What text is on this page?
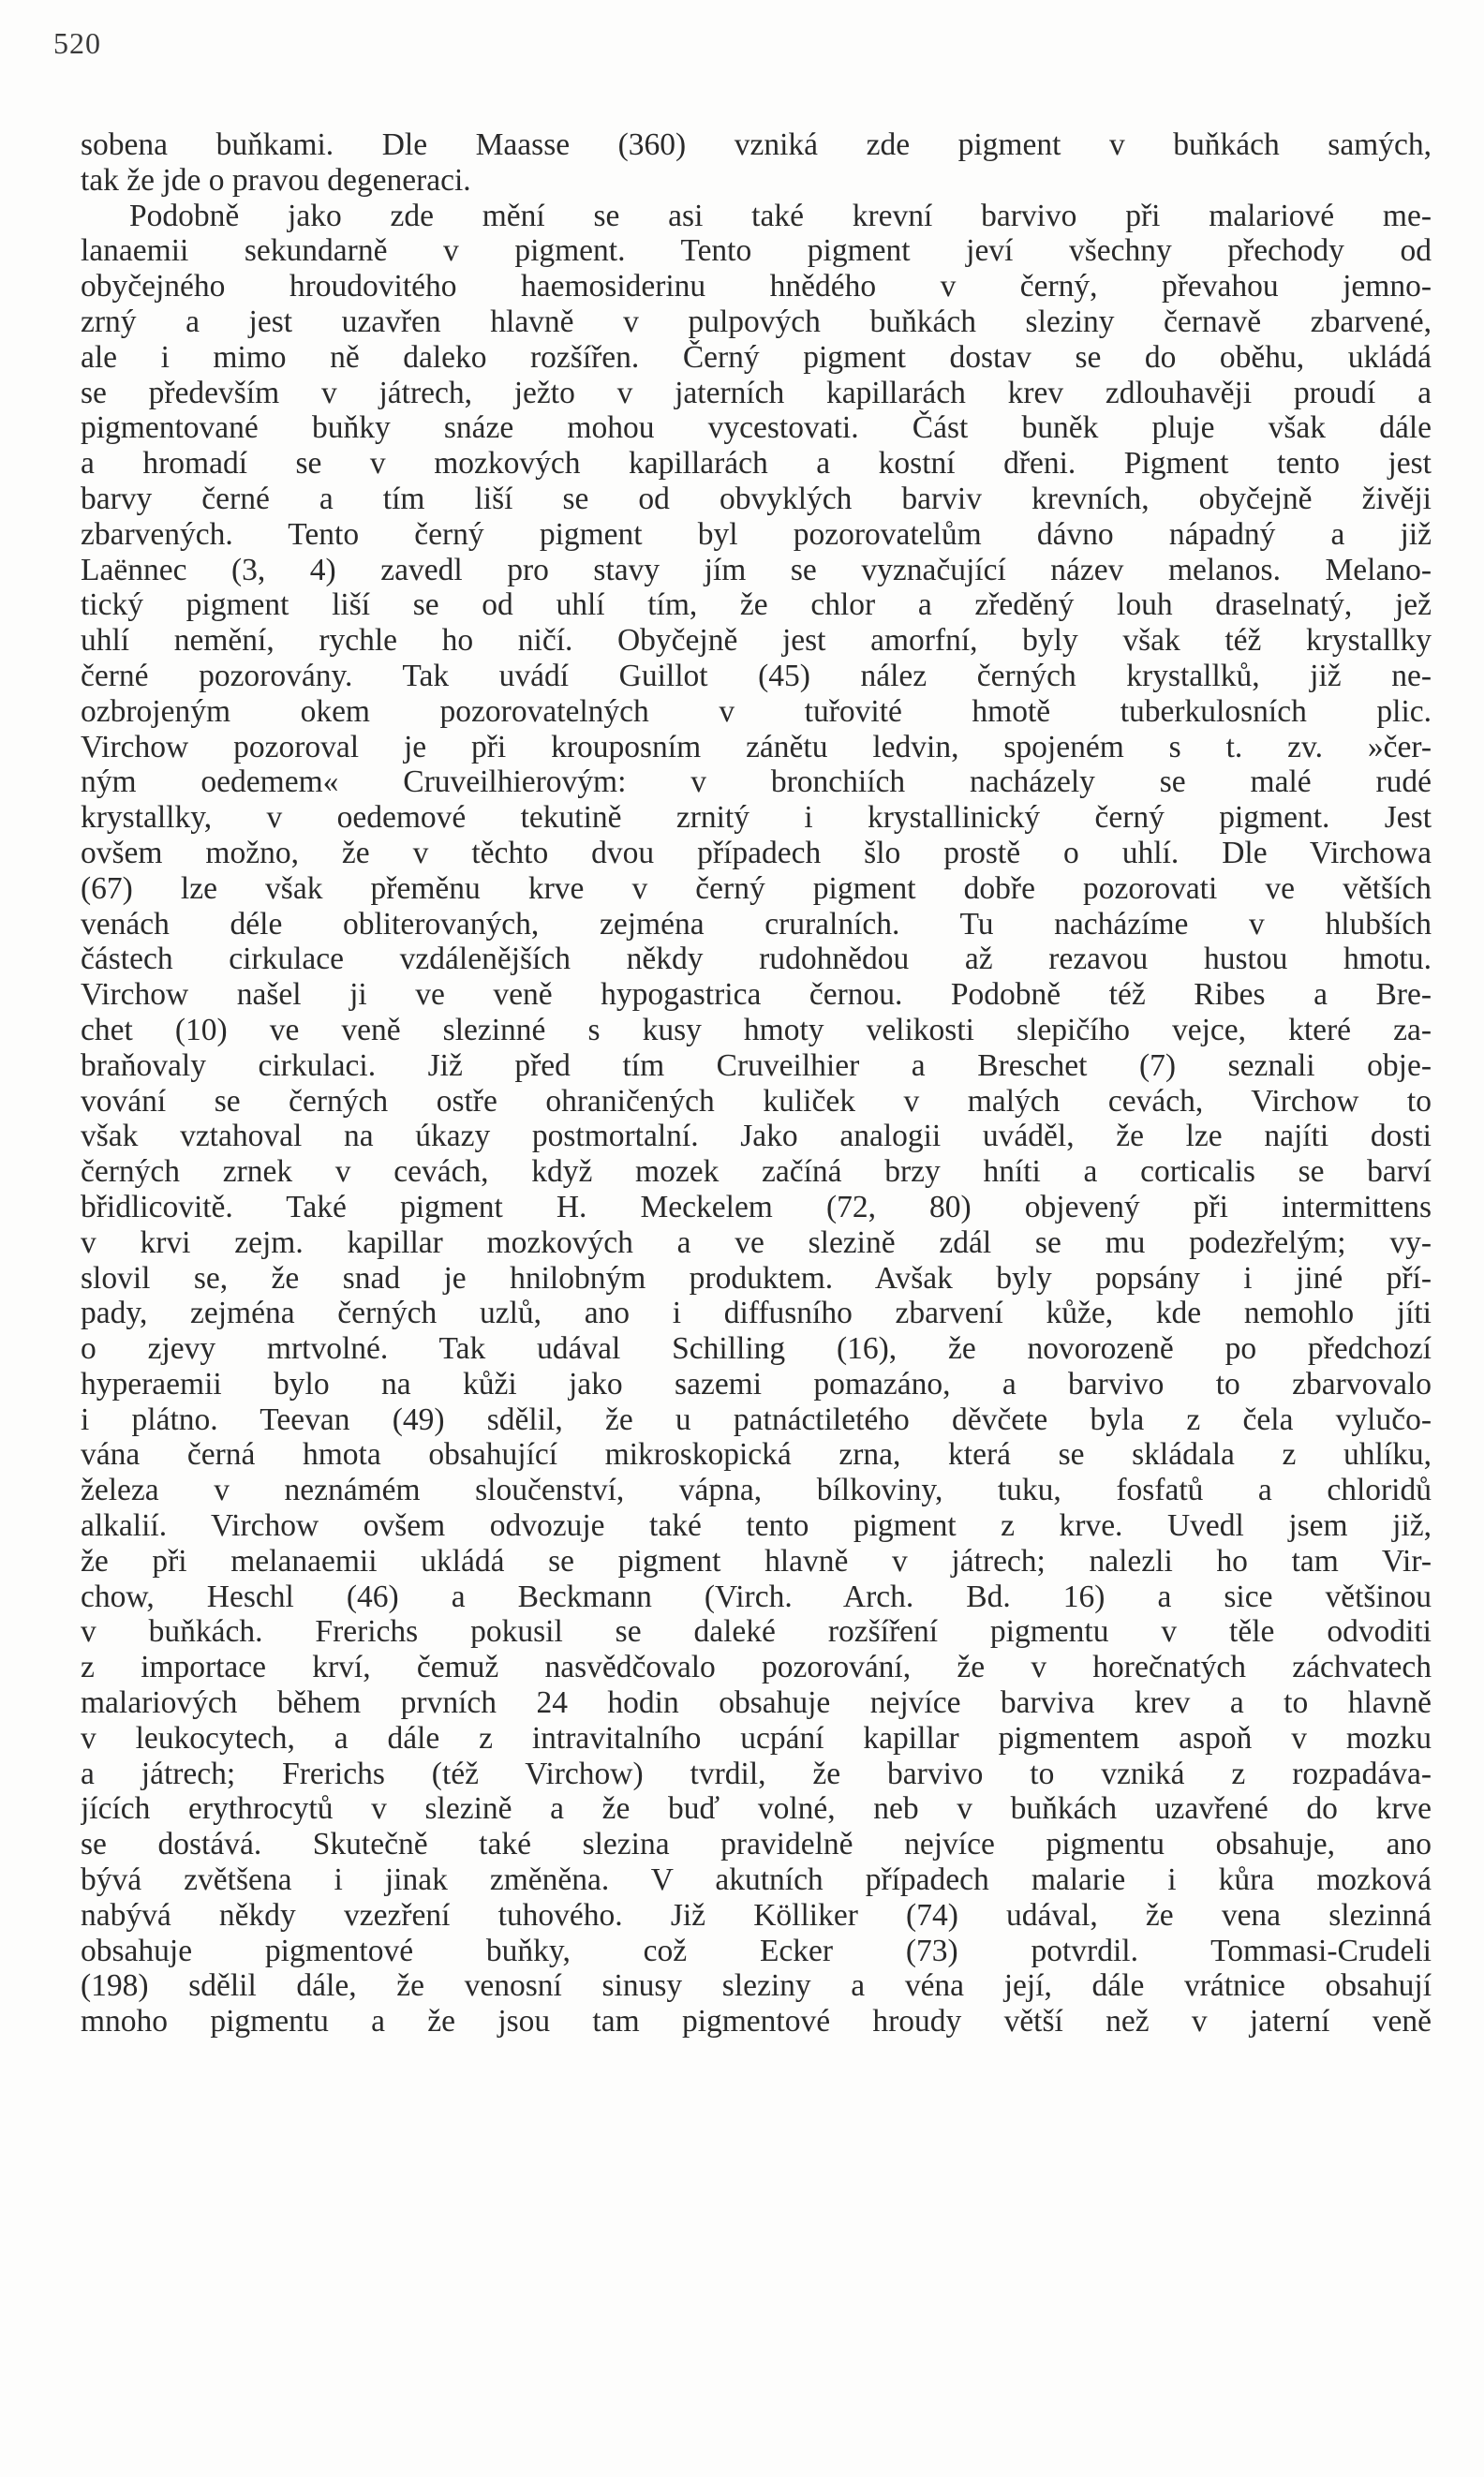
520
sobena buňkami. Dle Maasse (360) vzniká zde pigment v buňkách samých,
tak že jde o pravou degeneraci.
Podobně jako zde mění se asi také krevní barvivo při malariové me-
lanaemii sekundarně v pigment. Tento pigment jeví všechny přechody od
obyčejného hroudovitého haemosiderinu hnědého v černý, převahou jemno-
zrný a jest uzavřen hlavně v pulpových buňkách sleziny černavě zbarvené,
ale i mimo ně daleko rozšířen. Černý pigment dostav se do oběhu, ukládá
se především v játrech, ježto v jaterních kapillarách krev zdlouhavěji proudí a
pigmentované buňky snáze mohou vycestovati. Část buněk pluje však dále
a hromadí se v mozkových kapillarách a kostní dřeni. Pigment tento jest
barvy černé a tím liší se od obvyklých barviv krevních, obyčejně živěji
zbarvených. Tento černý pigment byl pozorovatelům dávno nápadný a již
Laënnec (3, 4) zavedl pro stavy jím se vyznačující název melanos. Melano-
tický pigment liší se od uhlí tím, že chlor a zředěný louh draselnatý, jež
uhlí nemění, rychle ho ničí. Obyčejně jest amorfní, byly však též krystallky
černé pozorovány. Tak uvádí Guillot (45) nález černých krystallků, již ne-
ozbrojeným okem pozorovatelných v tuřovité hmotě tuberkulosních plic.
Virchow pozoroval je při krouposním zánětu ledvin, spojeném s t. zv. »čer-
ným oedemem« Cruveilhierovým: v bronchiích nacházely se malé rudé
krystallky, v oedemové tekutině zrnitý i krystallinický černý pigment. Jest
ovšem možno, že v těchto dvou případech šlo prostě o uhlí. Dle Virchowa
(67) lze však přeměnu krve v černý pigment dobře pozorovati ve větších
venách déle obliterovaných, zejména cruralních. Tu nacházíme v hlubších
částech cirkulace vzdálenějších někdy rudohnědou až rezavou hustou hmotu.
Virchow našel ji ve veně hypogastrica černou. Podobně též Ribes a Bre-
chet (10) ve veně slezinné s kusy hmoty velikosti slepičího vejce, které za-
braňovaly cirkulaci. Již před tím Cruveilhier a Breschet (7) seznali obje-
vování se černých ostře ohraničených kuliček v malých cevách, Virchow to
však vztahoval na úkazy postmortalní. Jako analogii uváděl, že lze najíti dosti
černých zrnek v cevách, když mozek začíná brzy hníti a corticalis se barví
břidlicovitě. Také pigment H. Meckelem (72, 80) objevený při intermittens
v krvi zejm. kapillar mozkových a ve slezině zdál se mu podezřelým; vy-
slovil se, že snad je hnilobným produktem. Avšak byly popsány i jiné pří-
pady, zejména černých uzlů, ano i diffusního zbarvení kůže, kde nemohlo jíti
o zjevy mrtvolné. Tak udával Schilling (16), že novorozeně po předchozí
hyperaemii bylo na kůži jako sazemi pomazáno, a barvivo to zbarvovalo
i plátno. Teevan (49) sdělil, že u patnáctiletého děvčete byla z čela vylučo-
vána černá hmota obsahující mikroskopická zrna, která se skládala z uhlíku,
železa v neznámém sloučenství, vápna, bílkoviny, tuku, fosfatů a chloridů
alkalií. Virchow ovšem odvozuje také tento pigment z krve. Uvedl jsem již,
že při melanaemii ukládá se pigment hlavně v játrech; nalezli ho tam Vir-
chow, Heschl (46) a Beckmann (Virch. Arch. Bd. 16) a sice většinou
v buňkách. Frerichs pokusil se daleké rozšíření pigmentu v těle odvoditi
z importace krví, čemuž nasvědčovalo pozorování, že v horečnatých záchvatech
malariových během prvních 24 hodin obsahuje nejvíce barviva krev a to hlavně
v leukocytech, a dále z intravitalního ucpání kapillar pigmentem aspoň v mozku
a játrech; Frerichs (též Virchow) tvrdil, že barvivo to vzniká z rozpadáva-
jících erythrocytů v slezině a že buď volné, neb v buňkách uzavřené do krve
se dostává. Skutečně také slezina pravidelně nejvíce pigmentu obsahuje, ano
bývá zvětšena i jinak změněna. V akutních případech malarie i kůra mozková
nabývá někdy vzezření tuhového. Již Kölliker (74) udával, že vena slezinná
obsahuje pigmentové buňky, což Ecker (73) potvrdil. Tommasi-Crudeli
(198) sdělil dále, že venosní sinusy sleziny a véna její, dále vrátnice obsahují
mnoho pigmentu a že jsou tam pigmentové hroudy větší než v jaterní veně
